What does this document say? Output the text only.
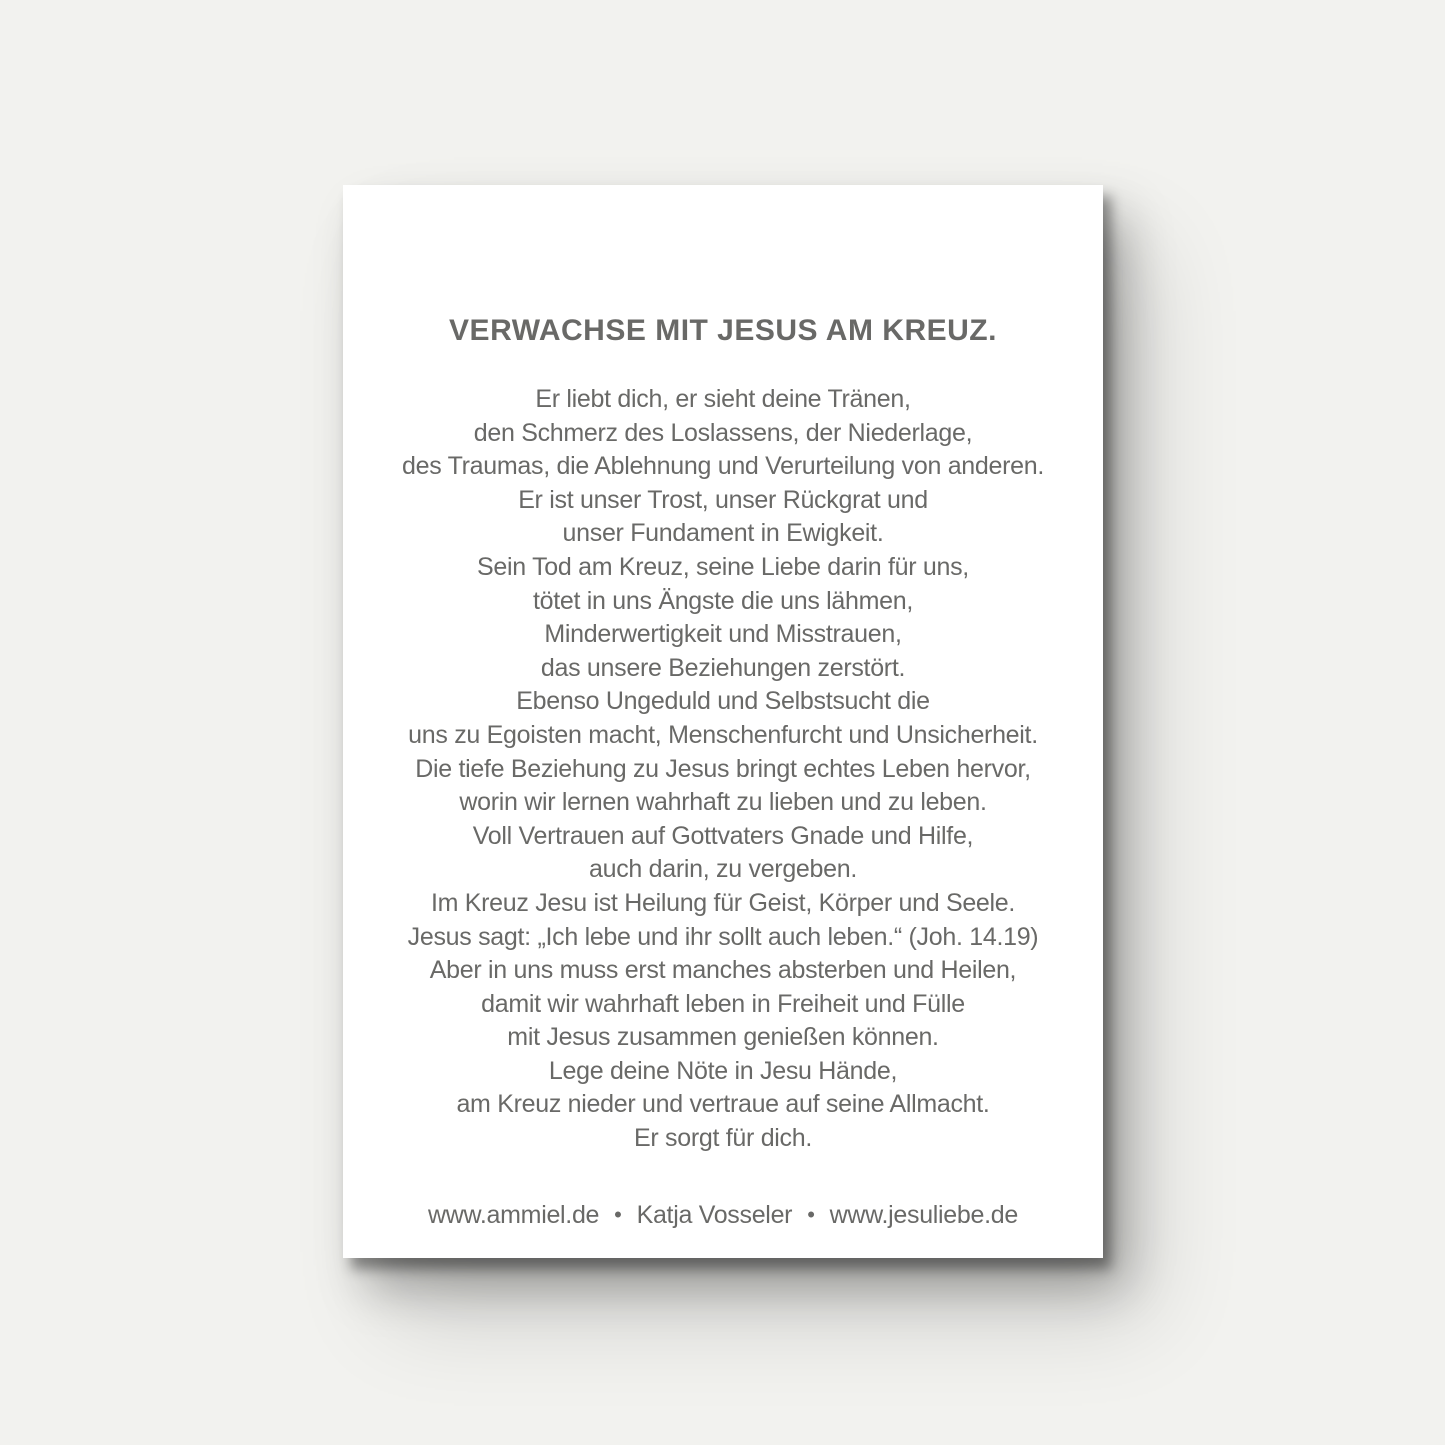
VERWACHSE MIT JESUS AM KREUZ.
Er liebt dich, er sieht deine Tränen,
den Schmerz des Loslassens, der Niederlage,
des Traumas, die Ablehnung und Verurteilung von anderen.
Er ist unser Trost, unser Rückgrat und
unser Fundament in Ewigkeit.
Sein Tod am Kreuz, seine Liebe darin für uns,
tötet in uns Ängste die uns lähmen,
Minderwertigkeit und Misstrauen,
das unsere Beziehungen zerstört.
Ebenso Ungeduld und Selbstsucht die
uns zu Egoisten macht, Menschenfurcht und Unsicherheit.
Die tiefe Beziehung zu Jesus bringt echtes Leben hervor,
worin wir lernen wahrhaft zu lieben und zu leben.
Voll Vertrauen auf Gottvaters Gnade und Hilfe,
auch darin, zu vergeben.
Im Kreuz Jesu ist Heilung für Geist, Körper und Seele.
Jesus sagt: „Ich lebe und ihr sollt auch leben.“ (Joh. 14.19)
Aber in uns muss erst manches absterben und Heilen,
damit wir wahrhaft leben in Freiheit und Fülle
mit Jesus zusammen genießen können.
Lege deine Nöte in Jesu Hände,
am Kreuz nieder und vertraue auf seine Allmacht.
Er sorgt für dich.
www.ammiel.de • Katja Vosseler • www.jesuliebe.de
